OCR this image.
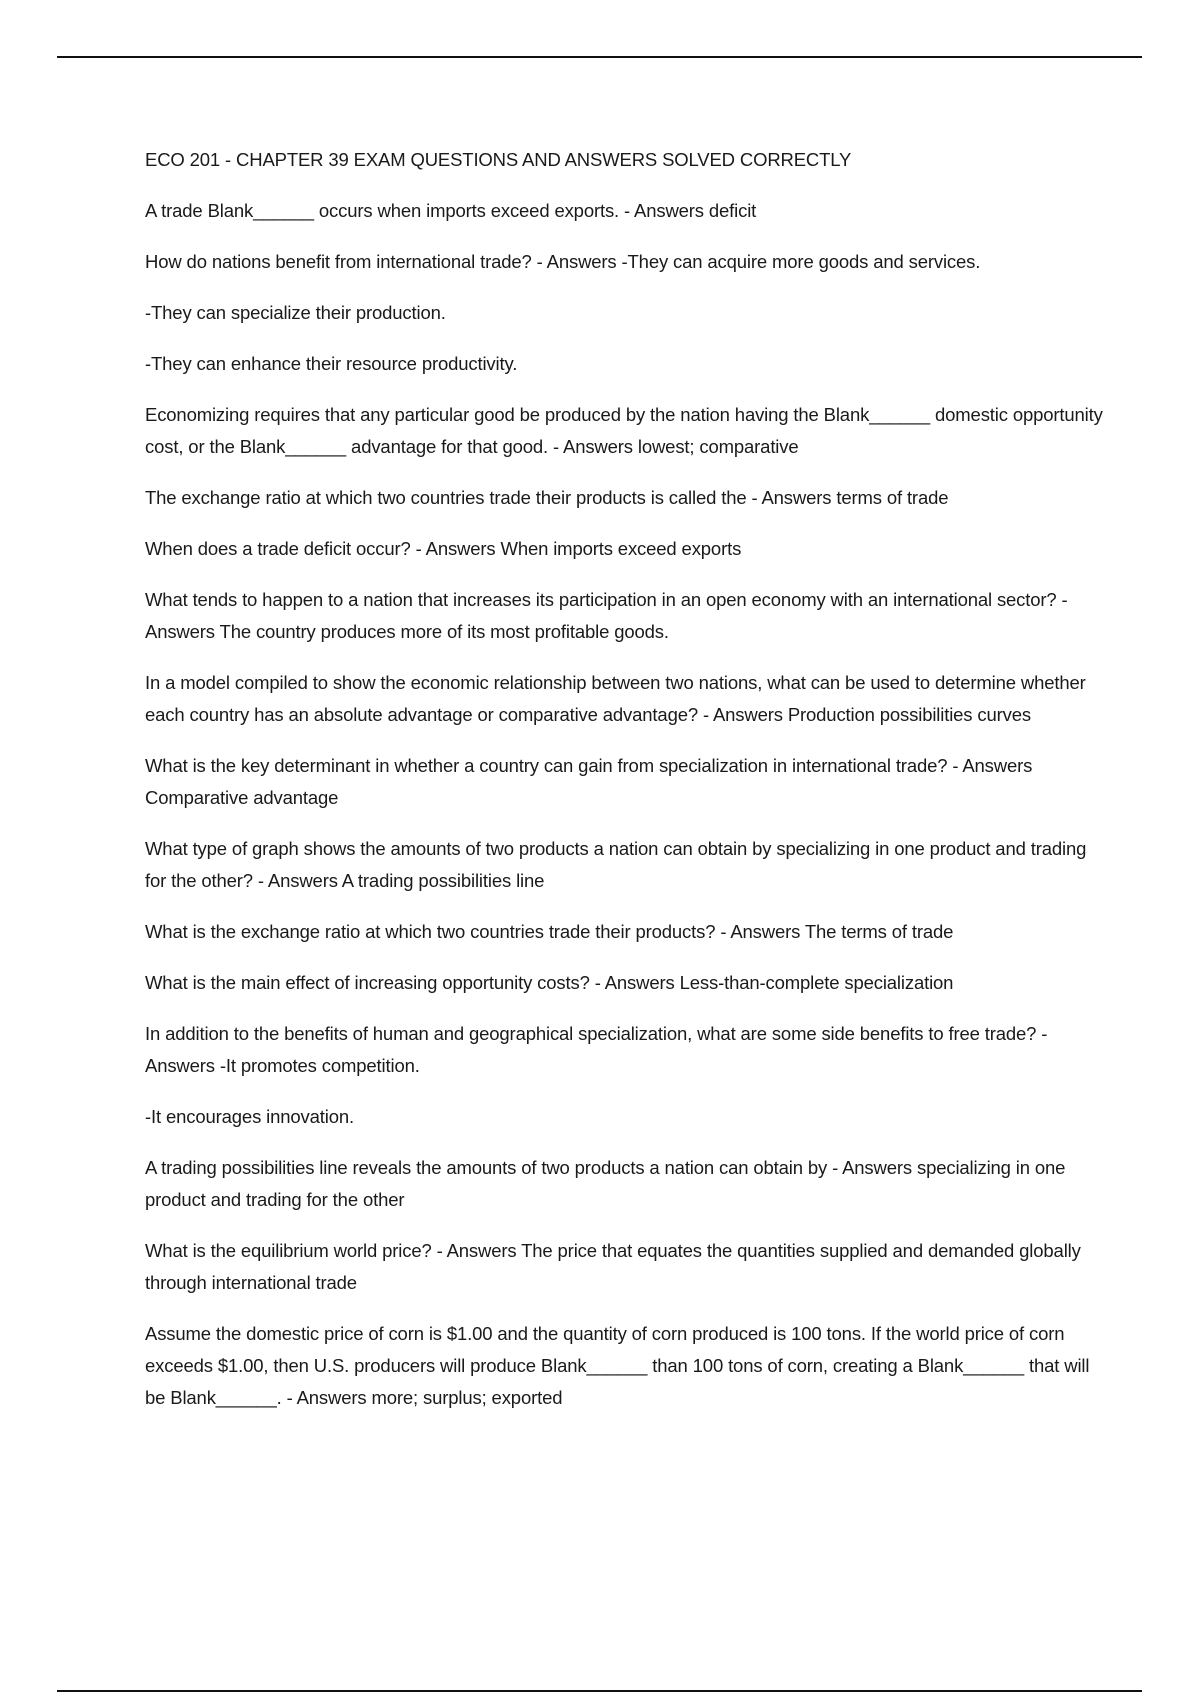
ECO 201 - CHAPTER 39 EXAM QUESTIONS AND ANSWERS SOLVED CORRECTLY

A trade Blank______ occurs when imports exceed exports. - Answers deficit

How do nations benefit from international trade? - Answers -They can acquire more goods and services.

-They can specialize their production.

-They can enhance their resource productivity.

Economizing requires that any particular good be produced by the nation having the Blank______ domestic opportunity cost, or the Blank______ advantage for that good. - Answers lowest; comparative

The exchange ratio at which two countries trade their products is called the - Answers terms of trade

When does a trade deficit occur? - Answers When imports exceed exports

What tends to happen to a nation that increases its participation in an open economy with an international sector? - Answers The country produces more of its most profitable goods.

In a model compiled to show the economic relationship between two nations, what can be used to determine whether each country has an absolute advantage or comparative advantage? - Answers Production possibilities curves

What is the key determinant in whether a country can gain from specialization in international trade? - Answers Comparative advantage

What type of graph shows the amounts of two products a nation can obtain by specializing in one product and trading for the other? - Answers A trading possibilities line

What is the exchange ratio at which two countries trade their products? - Answers The terms of trade

What is the main effect of increasing opportunity costs? - Answers Less-than-complete specialization

In addition to the benefits of human and geographical specialization, what are some side benefits to free trade? - Answers -It promotes competition.

-It encourages innovation.

A trading possibilities line reveals the amounts of two products a nation can obtain by - Answers specializing in one product and trading for the other

What is the equilibrium world price? - Answers The price that equates the quantities supplied and demanded globally through international trade

Assume the domestic price of corn is $1.00 and the quantity of corn produced is 100 tons. If the world price of corn exceeds $1.00, then U.S. producers will produce Blank______ than 100 tons of corn, creating a Blank______ that will be Blank______. - Answers more; surplus; exported
